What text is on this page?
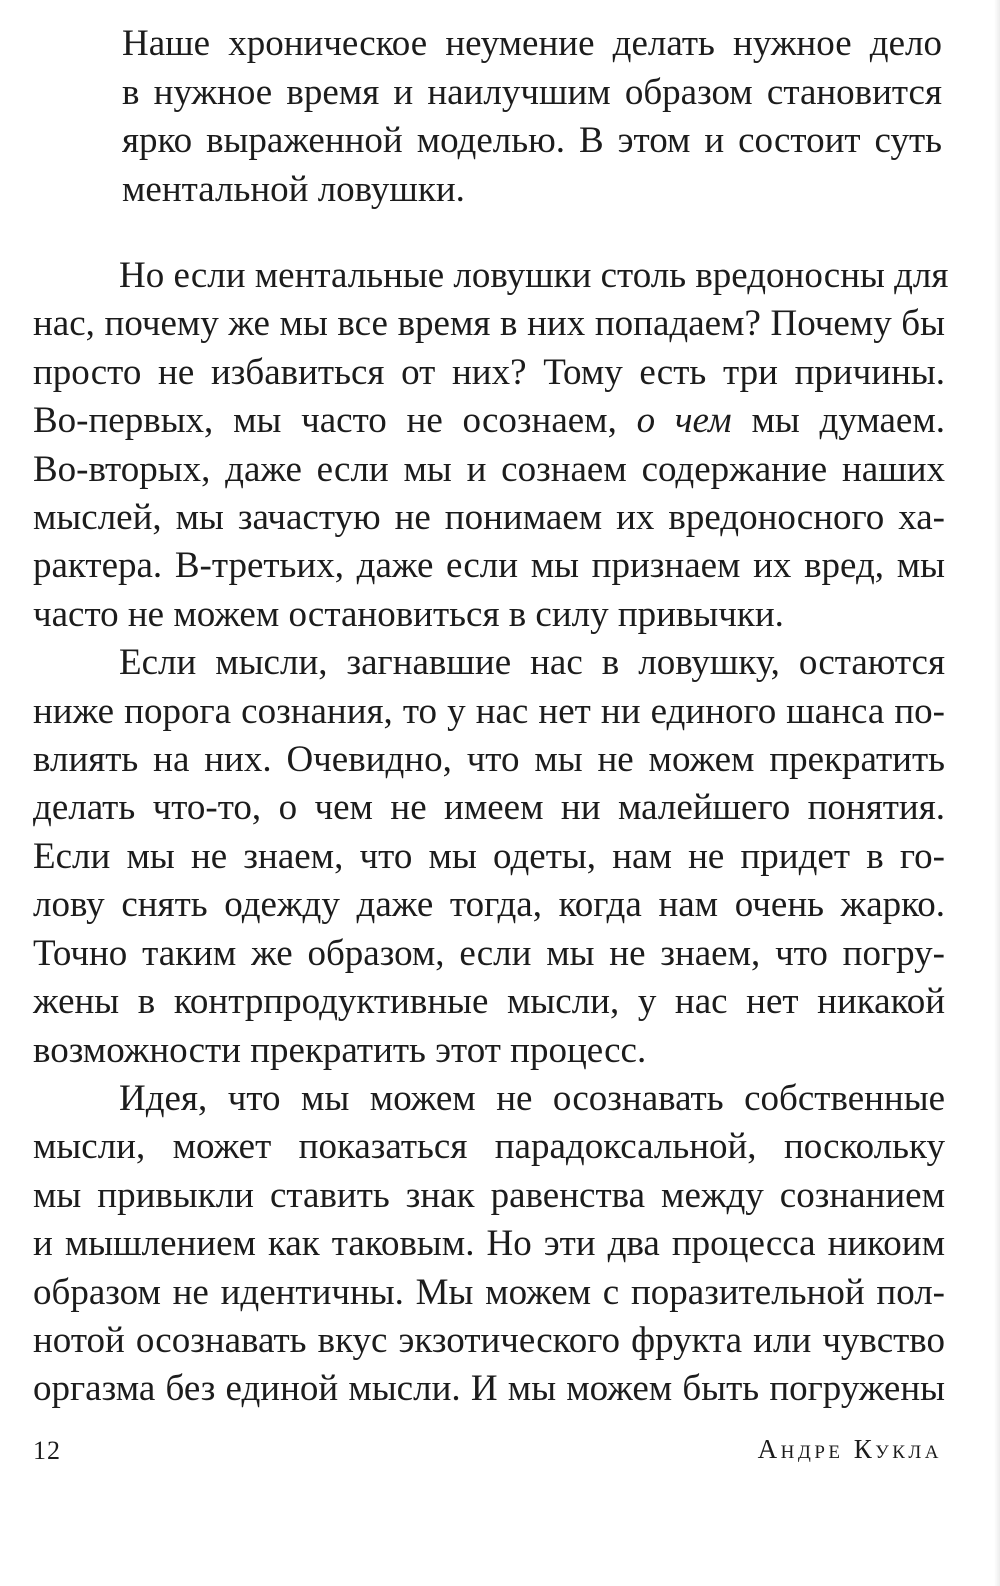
Наше хроническое неумение делать нужное дело
в нужное время и наилучшим образом становится
ярко выраженной моделью. В этом и состоит суть
ментальной ловушки.
Но если ментальные ловушки столь вредоносны для
нас, почему же мы все время в них попадаем? Почему бы
просто не избавиться от них? Тому есть три причины.
Во-первых, мы часто не осознаем, о чем мы думаем.
Во-вторых, даже если мы и сознаем содержание наших
мыслей, мы зачастую не понимаем их вредоносного ха-
рактера. В-третьих, даже если мы признаем их вред, мы
часто не можем остановиться в силу привычки.
Если мысли, загнавшие нас в ловушку, остаются
ниже порога сознания, то у нас нет ни единого шанса по-
влиять на них. Очевидно, что мы не можем прекратить
делать что-то, о чем не имеем ни малейшего понятия.
Если мы не знаем, что мы одеты, нам не придет в го-
лову снять одежду даже тогда, когда нам очень жарко.
Точно таким же образом, если мы не знаем, что погру-
жены в контрпродуктивные мысли, у нас нет никакой
возможности прекратить этот процесс.
Идея, что мы можем не осознавать собственные
мысли, может показаться парадоксальной, поскольку
мы привыкли ставить знак равенства между сознанием
и мышлением как таковым. Но эти два процесса никоим
образом не идентичны. Мы можем с поразительной пол-
нотой осознавать вкус экзотического фрукта или чувство
оргазма без единой мысли. И мы можем быть погружены
12	Андре Кукла
